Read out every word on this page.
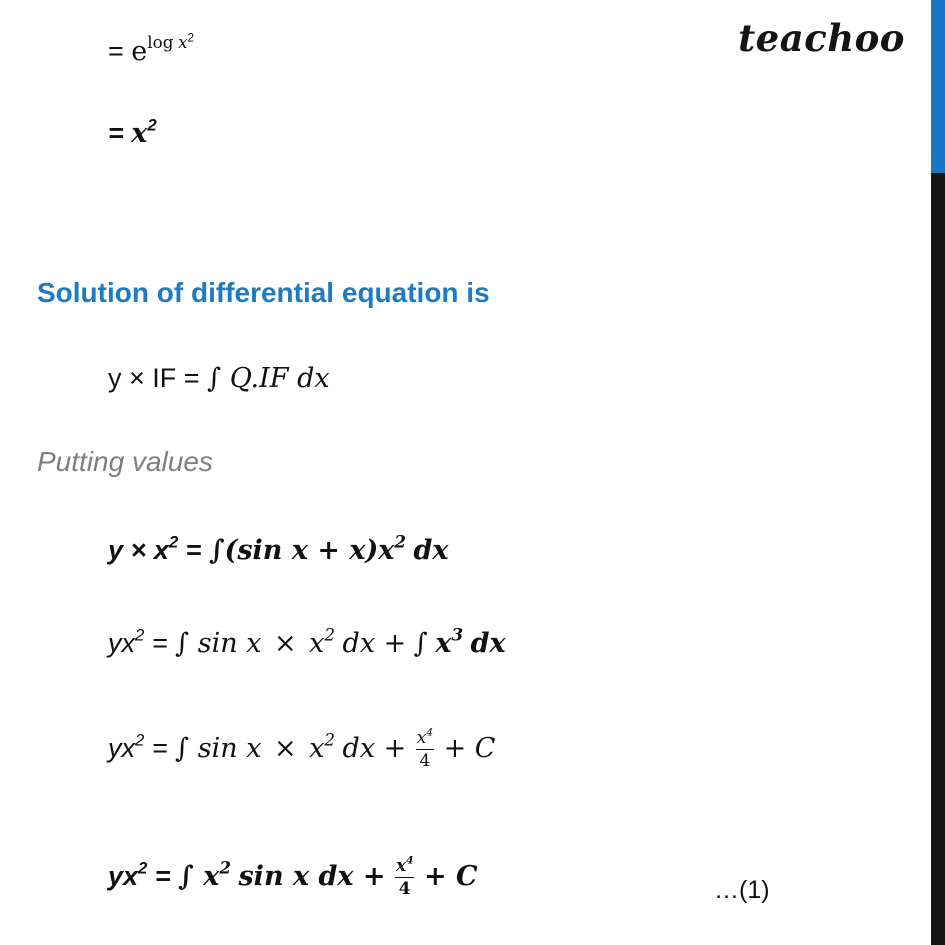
teachoo
= $e^{log x^2}$
= $x^2$
Solution of differential equation is
y × IF = ∫ Q.IF dx
Putting values
$y \times x^2 = \int(\sin$ $x + x)x^2$ dx
$yx^2$ = ∫ $\sin x \times x^2$ dx + ∫ $x^3$ dx
$yx^2$ = ∫ $\sin x \times x^2$ dx + $\frac{x^4}{4} + C$
$yx^2$ = ∫ $x^2$ sin x dx + $\frac{x^4}{4} + C$	…(1)
